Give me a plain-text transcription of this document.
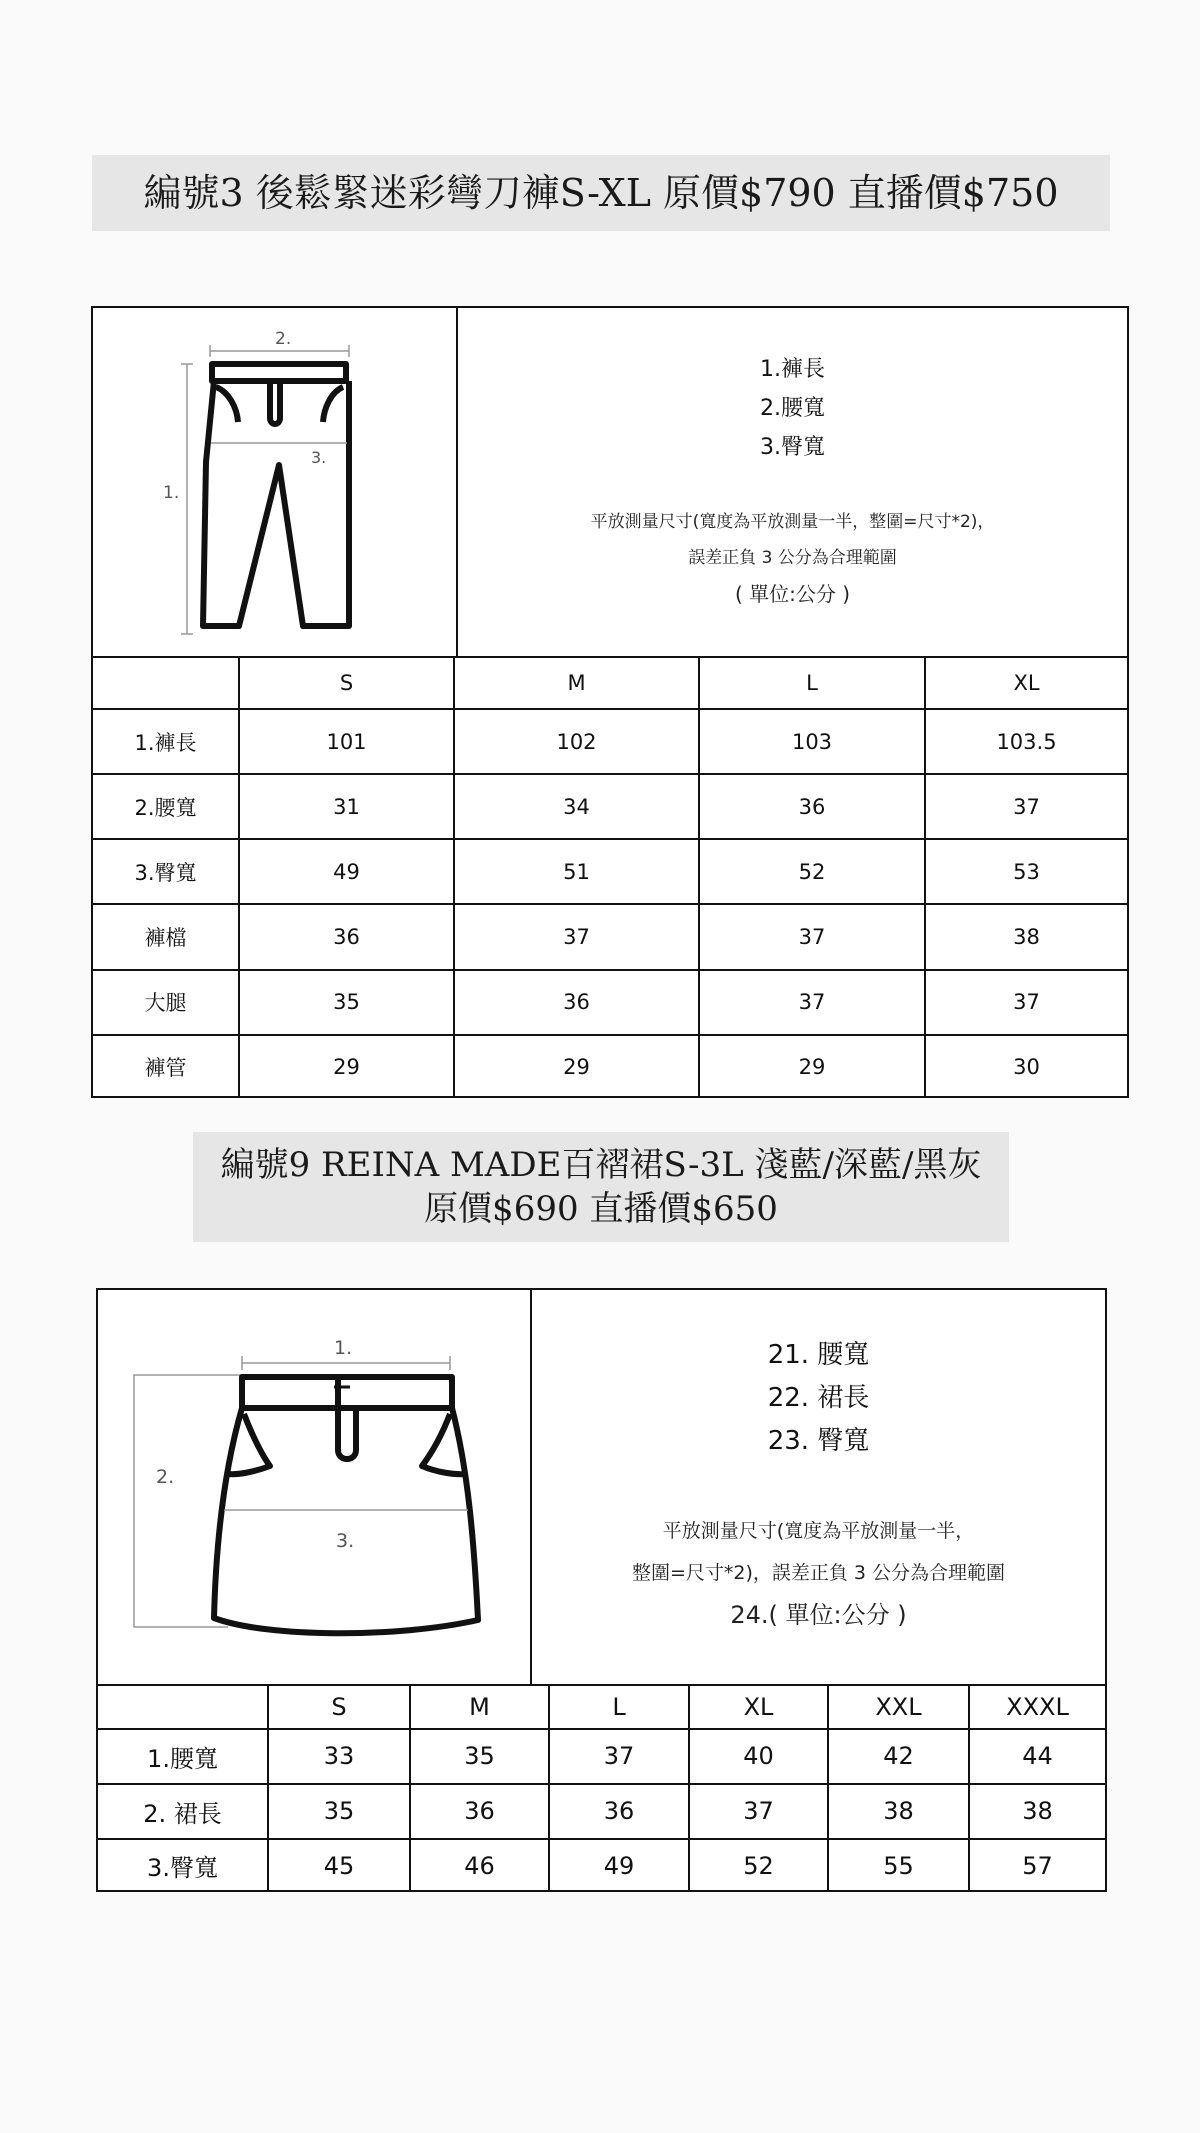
編號3 後鬆緊迷彩彎刀褲S-XL 原價$790 直播價$750
1.
2.
3.
1.褲長
2.腰寬
3.臀寬
平放測量尺寸(寬度為平放測量一半，整圍=尺寸*2)，
誤差正負 3 公分為合理範圍
( 單位:公分 )
	S	M	L	XL
1.褲長	101	102	103	103.5
2.腰寬	31	34	36	37
3.臀寬	49	51	52	53
褲檔	36	37	37	38
大腿	35	36	37	37
褲管	29	29	29	30
編號9 REINA MADE百褶裙S-3L 淺藍/深藍/黑灰
原價$690 直播價$650
1.
2.
3.
21. 腰寬
22. 裙長
23. 臀寬
平放測量尺寸(寬度為平放測量一半，
整圍=尺寸*2)，誤差正負 3 公分為合理範圍
24.( 單位:公分 )
	S	M	L	XL	XXL	XXXL
1.腰寬	33	35	37	40	42	44
2. 裙長	35	36	36	37	38	38
3.臀寬	45	46	49	52	55	57
